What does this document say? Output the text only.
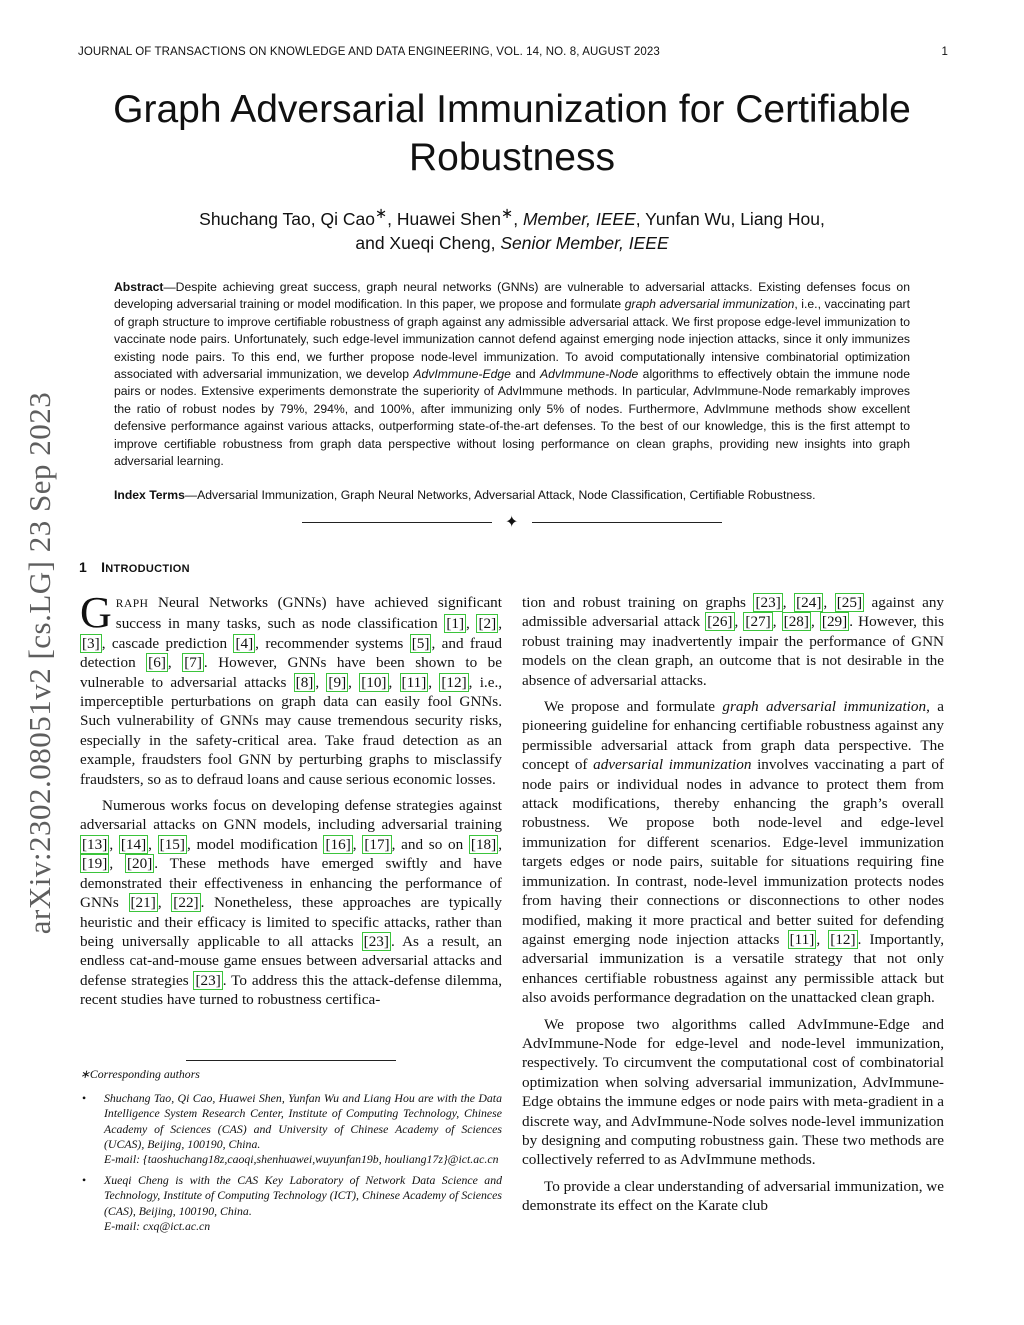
JOURNAL OF TRANSACTIONS ON KNOWLEDGE AND DATA ENGINEERING, VOL. 14, NO. 8, AUGUST 2023	1
Graph Adversarial Immunization for Certifiable Robustness
Shuchang Tao, Qi Cao∗, Huawei Shen∗, Member, IEEE, Yunfan Wu, Liang Hou,
and Xueqi Cheng, Senior Member, IEEE
Abstract—Despite achieving great success, graph neural networks (GNNs) are vulnerable to adversarial attacks. Existing defenses focus on developing adversarial training or model modification. In this paper, we propose and formulate graph adversarial immunization, i.e., vaccinating part of graph structure to improve certifiable robustness of graph against any admissible adversarial attack. We first propose edge-level immunization to vaccinate node pairs. Unfortunately, such edge-level immunization cannot defend against emerging node injection attacks, since it only immunizes existing node pairs. To this end, we further propose node-level immunization. To avoid computationally intensive combinatorial optimization associated with adversarial immunization, we develop AdvImmune-Edge and AdvImmune-Node algorithms to effectively obtain the immune node pairs or nodes. Extensive experiments demonstrate the superiority of AdvImmune methods. In particular, AdvImmune-Node remarkably improves the ratio of robust nodes by 79%, 294%, and 100%, after immunizing only 5% of nodes. Furthermore, AdvImmune methods show excellent defensive performance against various attacks, outperforming state-of-the-art defenses. To the best of our knowledge, this is the first attempt to improve certifiable robustness from graph data perspective without losing performance on clean graphs, providing new insights into graph adversarial learning.
Index Terms—Adversarial Immunization, Graph Neural Networks, Adversarial Attack, Node Classification, Certifiable Robustness.
✦
arXiv:2302.08051v2 [cs.LG] 23 Sep 2023 1 INTRODUCTION

GRAPH Neural Networks (GNNs) have achieved significant success in many tasks, such as node classification [1] , [2] , [3] , cascade prediction [4] , recommender systems [5] , and fraud detection [6] , [7] . However, GNNs have been shown to be vulnerable to adversarial attacks [8] , [9] , [10] , [11] , [12] , i.e., imperceptible perturbations on graph data can easily fool GNNs. Such vulnerability of GNNs may cause tremendous security risks, especially in the safety-critical area. Take fraud detection as an example, fraudsters fool GNN by perturbing graphs to misclassify fraudsters, so as to defraud loans and cause serious economic losses.

Numerous works focus on developing defense strategies against adversarial attacks on GNN models, including adversarial training [13] , [14] , [15] , model modification [16] , [17] , and so on [18] , [19] , [20] . These methods have emerged swiftly and have demonstrated their effectiveness in enhancing the performance of GNNs [21] , [22] . Nonetheless, these approaches are typically heuristic and their efficacy is limited to specific attacks, rather than being universally applicable to all attacks [23] . As a result, an endless cat-and-mouse game ensues between adversarial attacks and defense strategies [23] . To address this the attack-defense dilemma, recent studies have turned to robustness certifica-

∗Corresponding authors

• Shuchang Tao, Qi Cao, Huawei Shen, Yunfan Wu and Liang Hou are with the Data Intelligence System Research Center, Institute of Computing Technology, Chinese Academy of Sciences (CAS) and University of Chinese Academy of Sciences (UCAS), Beijing, 100190, China.
E-mail: {taoshuchang18z,caoqi,shenhuawei,wuyunfan19b, houliang17z}@ict.ac.cn
• Xueqi Cheng is with the CAS Key Laboratory of Network Data Science and Technology, Institute of Computing Technology (ICT), Chinese Academy of Sciences (CAS), Beijing, 100190, China.
E-mail: cxq@ict.ac.cn

tion and robust training on graphs [23] , [24] , [25] against any admissible adversarial attack [26] , [27] , [28] , [29] . However, this robust training may inadvertently impair the performance of GNN models on the clean graph, an outcome that is not desirable in the absence of adversarial attacks.

We propose and formulate graph adversarial immunization, a pioneering guideline for enhancing certifiable robustness against any permissible adversarial attack from graph data perspective. The concept of adversarial immunization involves vaccinating a part of node pairs or individual nodes in advance to protect them from attack modifications, thereby enhancing the graph’s overall robustness. We propose both node-level and edge-level immunization for different scenarios. Edge-level immunization targets edges or node pairs, suitable for situations requiring fine immunization. In contrast, node-level immunization protects nodes from having their connections or disconnections to other nodes modified, making it more practical and better suited for defending against emerging node injection attacks [11] , [12] . Importantly, adversarial immunization is a versatile strategy that not only enhances certifiable robustness against any permissible attack but also avoids performance degradation on the unattacked clean graph.

We propose two algorithms called AdvImmune-Edge and AdvImmune-Node for edge-level and node-level immunization, respectively. To circumvent the computational cost of combinatorial optimization when solving adversarial immunization, AdvImmune-Edge obtains the immune edges or node pairs with meta-gradient in a discrete way, and AdvImmune-Node solves node-level immunization by designing and computing robustness gain. These two methods are collectively referred to as AdvImmune methods.

To provide a clear understanding of adversarial immunization, we demonstrate its effect on the Karate club
